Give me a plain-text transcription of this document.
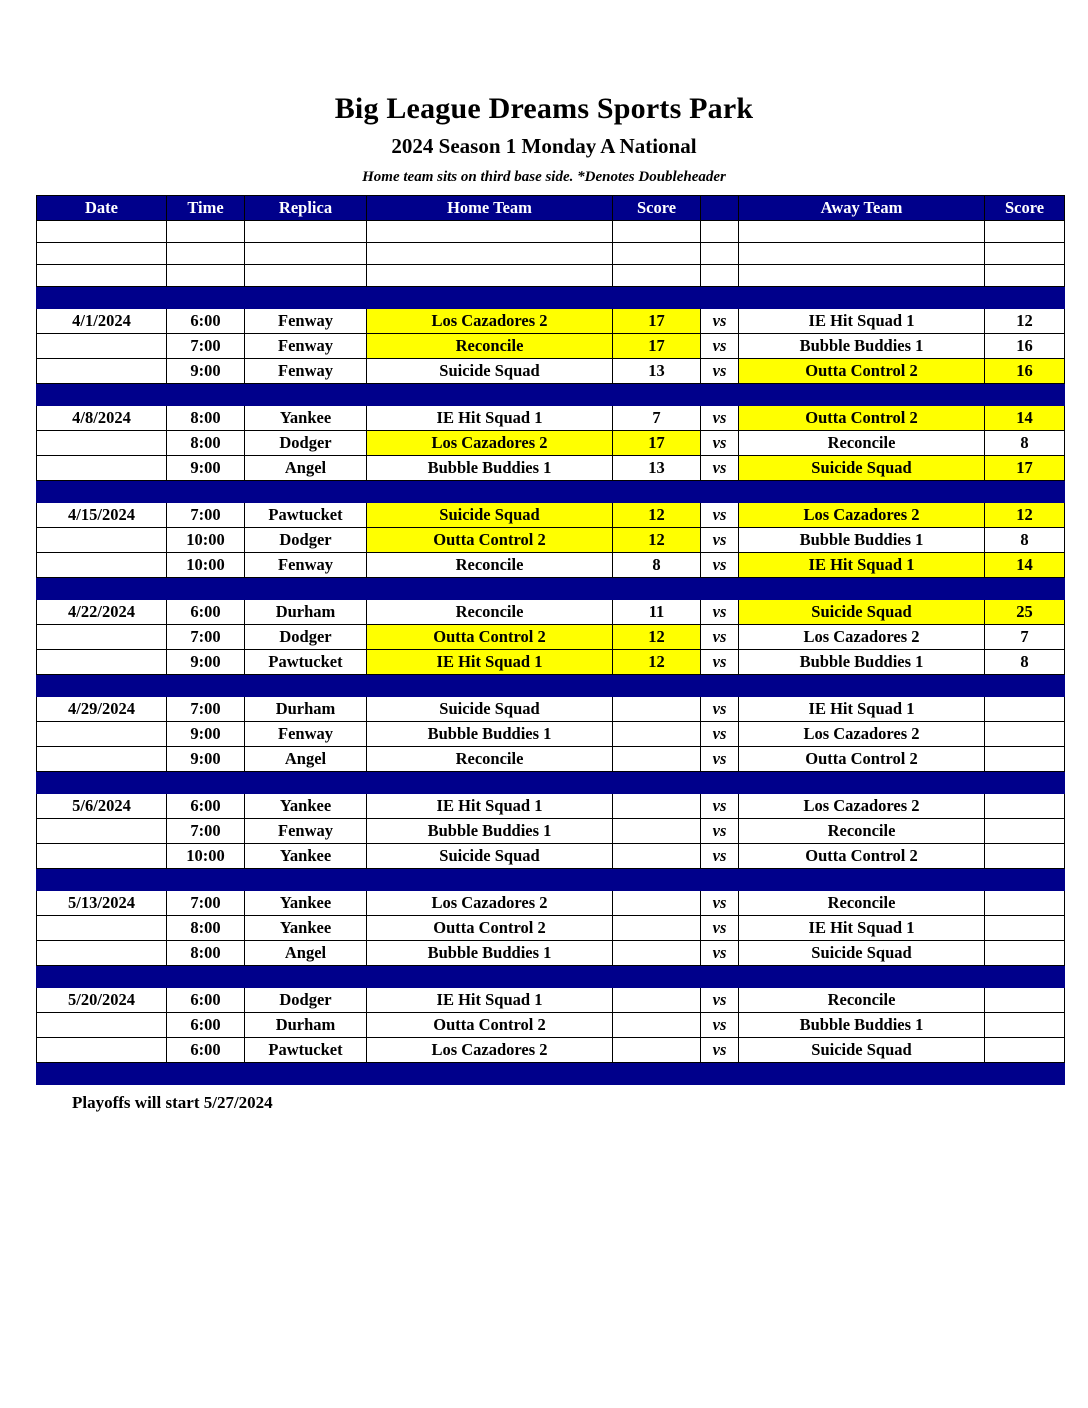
Big League Dreams Sports Park
2024 Season 1 Monday A National
Home team sits on third base side. *Denotes Doubleheader
Date	Time	Replica	Home Team	Score		Away Team	Score

4/1/2024	6:00	Fenway	Los Cazadores 2	17	vs	IE Hit Squad 1	12
	7:00	Fenway	Reconcile	17	vs	Bubble Buddies 1	16
	9:00	Fenway	Suicide Squad	13	vs	Outta Control 2	16

4/8/2024	8:00	Yankee	IE Hit Squad 1	7	vs	Outta Control 2	14
	8:00	Dodger	Los Cazadores 2	17	vs	Reconcile	8
	9:00	Angel	Bubble Buddies 1	13	vs	Suicide Squad	17

4/15/2024	7:00	Pawtucket	Suicide Squad	12	vs	Los Cazadores 2	12
	10:00	Dodger	Outta Control 2	12	vs	Bubble Buddies 1	8
	10:00	Fenway	Reconcile	8	vs	IE Hit Squad 1	14

4/22/2024	6:00	Durham	Reconcile	11	vs	Suicide Squad	25
	7:00	Dodger	Outta Control 2	12	vs	Los Cazadores 2	7
	9:00	Pawtucket	IE Hit Squad 1	12	vs	Bubble Buddies 1	8

4/29/2024	7:00	Durham	Suicide Squad		vs	IE Hit Squad 1	
	9:00	Fenway	Bubble Buddies 1		vs	Los Cazadores 2	
	9:00	Angel	Reconcile		vs	Outta Control 2	

5/6/2024	6:00	Yankee	IE Hit Squad 1		vs	Los Cazadores 2	
	7:00	Fenway	Bubble Buddies 1		vs	Reconcile	
	10:00	Yankee	Suicide Squad		vs	Outta Control 2	

5/13/2024	7:00	Yankee	Los Cazadores 2		vs	Reconcile	
	8:00	Yankee	Outta Control 2		vs	IE Hit Squad 1	
	8:00	Angel	Bubble Buddies 1		vs	Suicide Squad	

5/20/2024	6:00	Dodger	IE Hit Squad 1		vs	Reconcile	
	6:00	Durham	Outta Control 2		vs	Bubble Buddies 1	
	6:00	Pawtucket	Los Cazadores 2		vs	Suicide Squad	

Playoffs will start 5/27/2024
